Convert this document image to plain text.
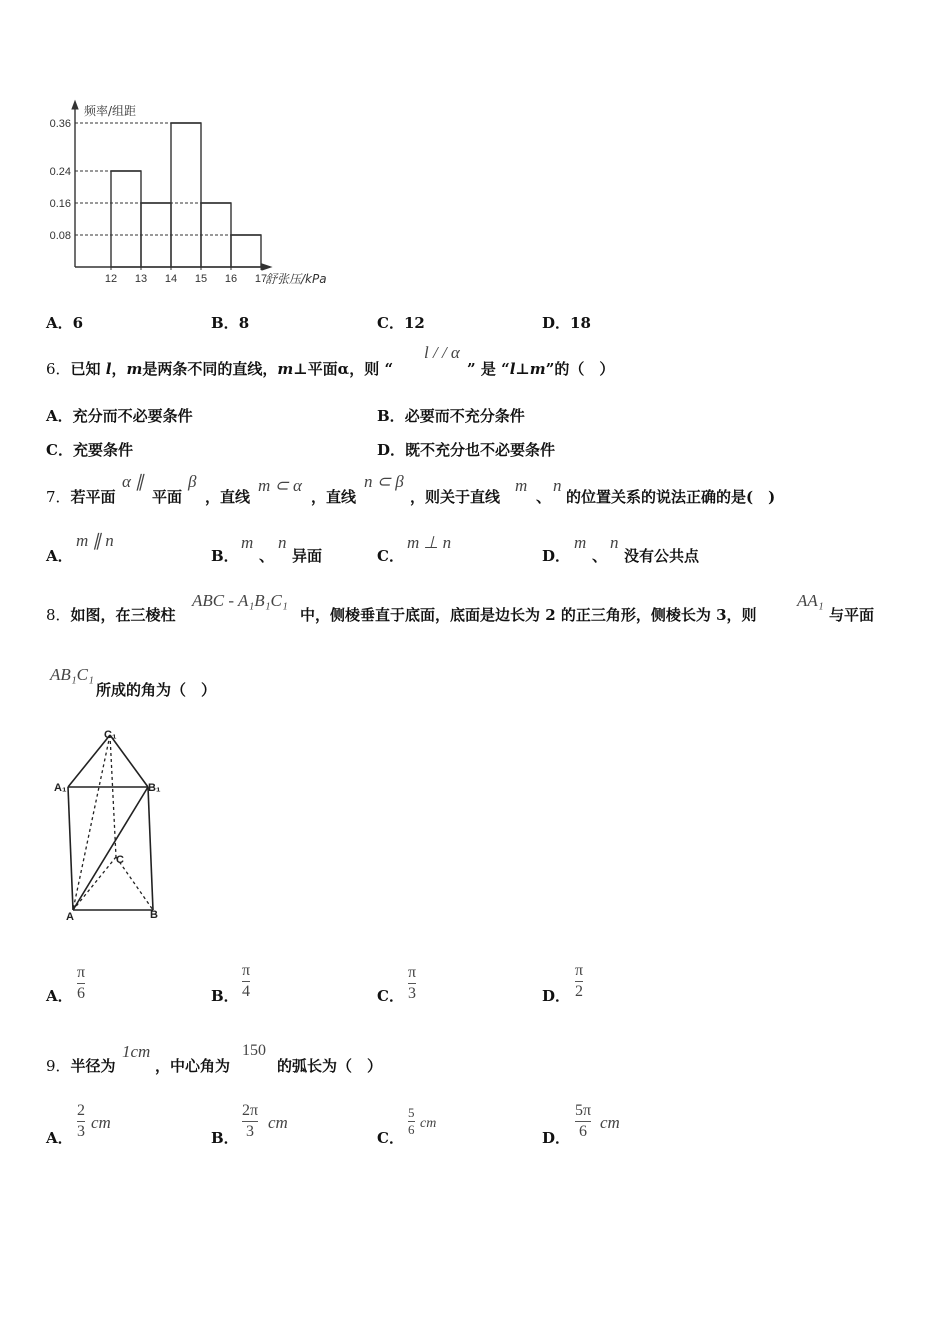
0.36
0.24
0.16
0.08
12 13 14 15 16 17
频率/组距
舒张压/kPa
A．6	B．8	C．12	D．18
6．已知 l，m是两条不同的直线，m⊥平面α，则 “
l / / α
” 是 “l⊥m”的（　）
A．充分而不必要条件	B．必要而不充分条件
C．充要条件	D．既不充分也不必要条件
7．若平面
α ∥
平面
β
，直线
m ⊂ α
，直线
n ⊂ β
，则关于直线
m
、
n
的位置关系的说法正确的是(　)
A．
m ∥ n
B．
m
、
n
异面	C．
m ⊥ n
D．
m
、
n
没有公共点
8．如图，在三棱柱
ABC - A₁B₁C₁
中，侧棱垂直于底面，底面是边长为 2 的正三角形，侧棱长为 3，则
AA₁
与平面
AB₁C₁
所成的角为（　）
C₁
A₁	B₁
C
A	B
A．
π
6	B．
π
4	C．
π
3	D．
π
2
9．半径为
1cm
，中心角为
150
的弧长为（　）
A．
2
3 cm
B．
2π
3 cm
C．
5
6 cm
D．
5π
6 cm
